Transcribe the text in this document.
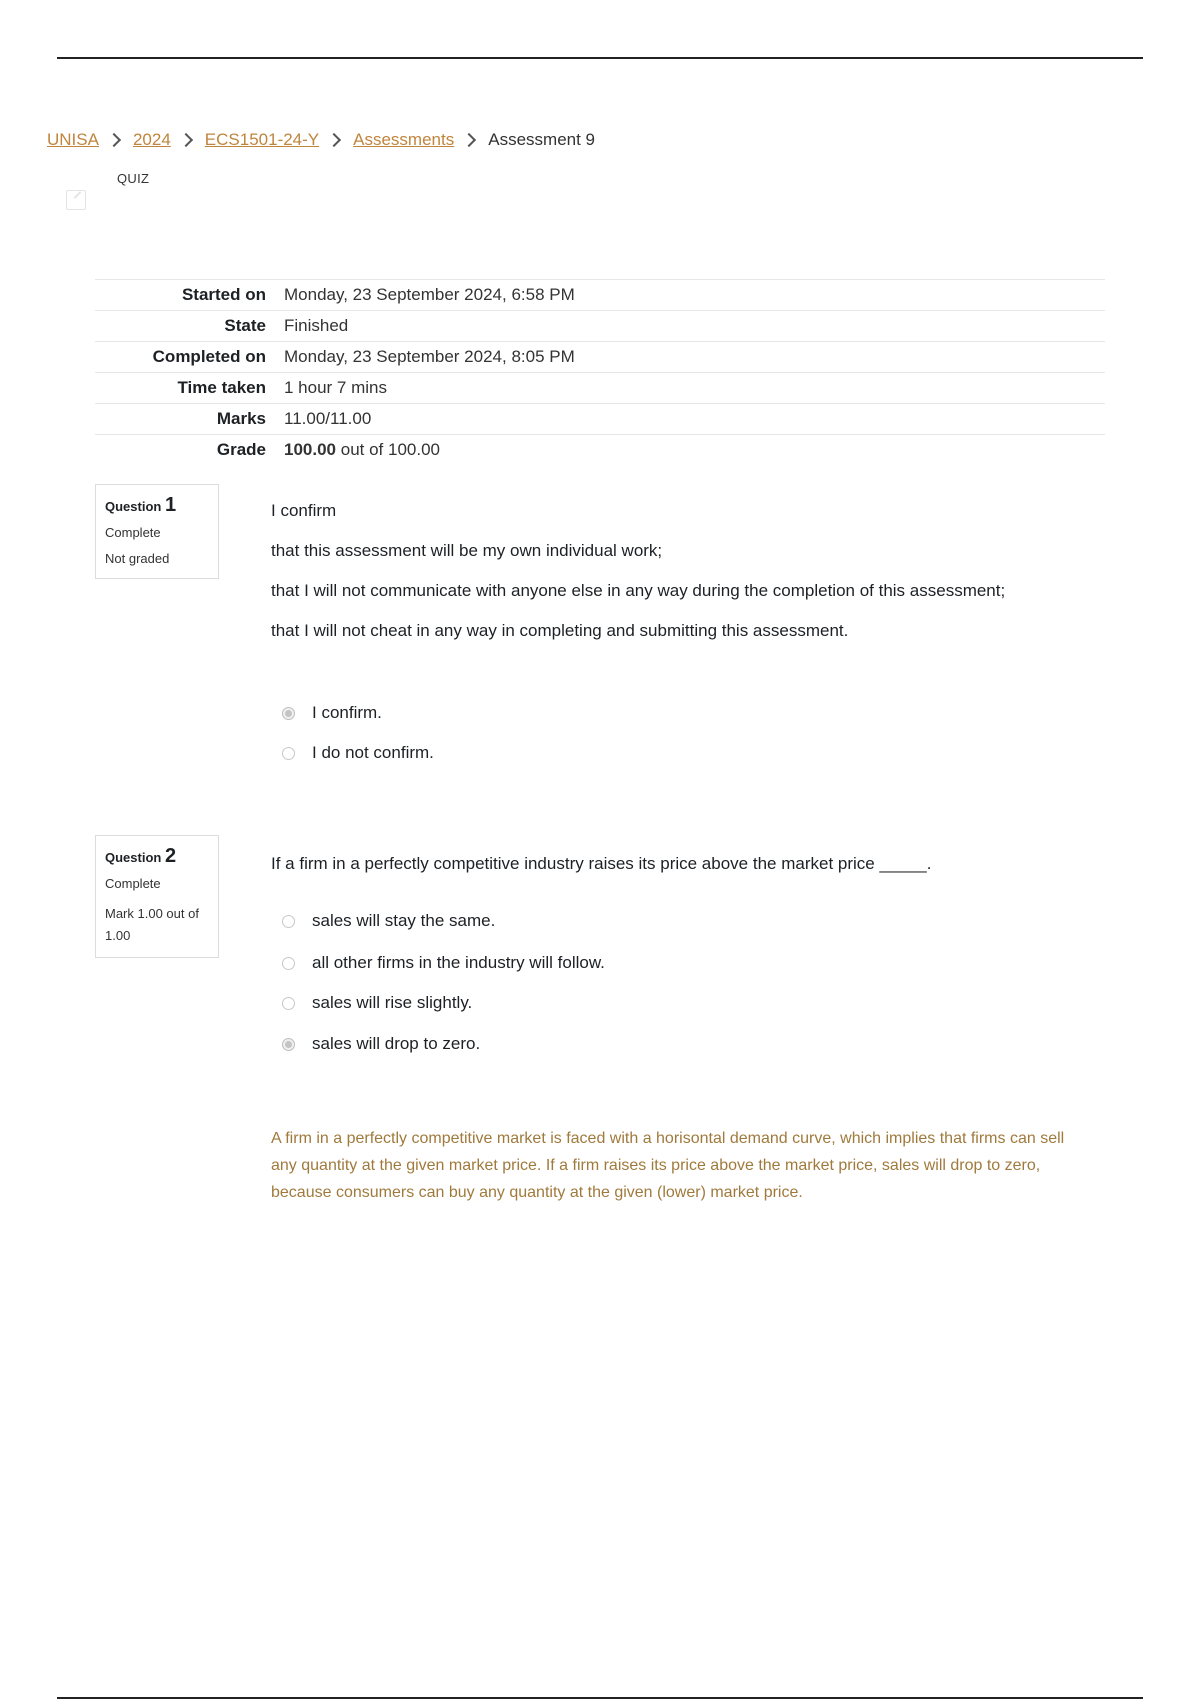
UNISA 2024 ECS1501-24-Y Assessments Assessment 9
QUIZ
Started on	Monday, 23 September 2024, 6:58 PM
State	Finished
Completed on	Monday, 23 September 2024, 8:05 PM
Time taken	1 hour 7 mins
Marks	11.00/11.00
Grade	100.00 out of 100.00
Question 1
Complete
Not graded

I confirm

that this assessment will be my own individual work;

that I will not communicate with anyone else in any way during the completion of this assessment;

that I will not cheat in any way in completing and submitting this assessment.

I confirm.
I do not confirm.
Question 2
Complete
Mark 1.00 out of 1.00

If a firm in a perfectly competitive industry raises its price above the market price _____.

sales will stay the same.
all other firms in the industry will follow.
sales will rise slightly.
sales will drop to zero.
A firm in a perfectly competitive market is faced with a horisontal demand curve, which implies that firms can sell any quantity at the given market price. If a firm raises its price above the market price, sales will drop to zero, because consumers can buy any quantity at the given (lower) market price.
